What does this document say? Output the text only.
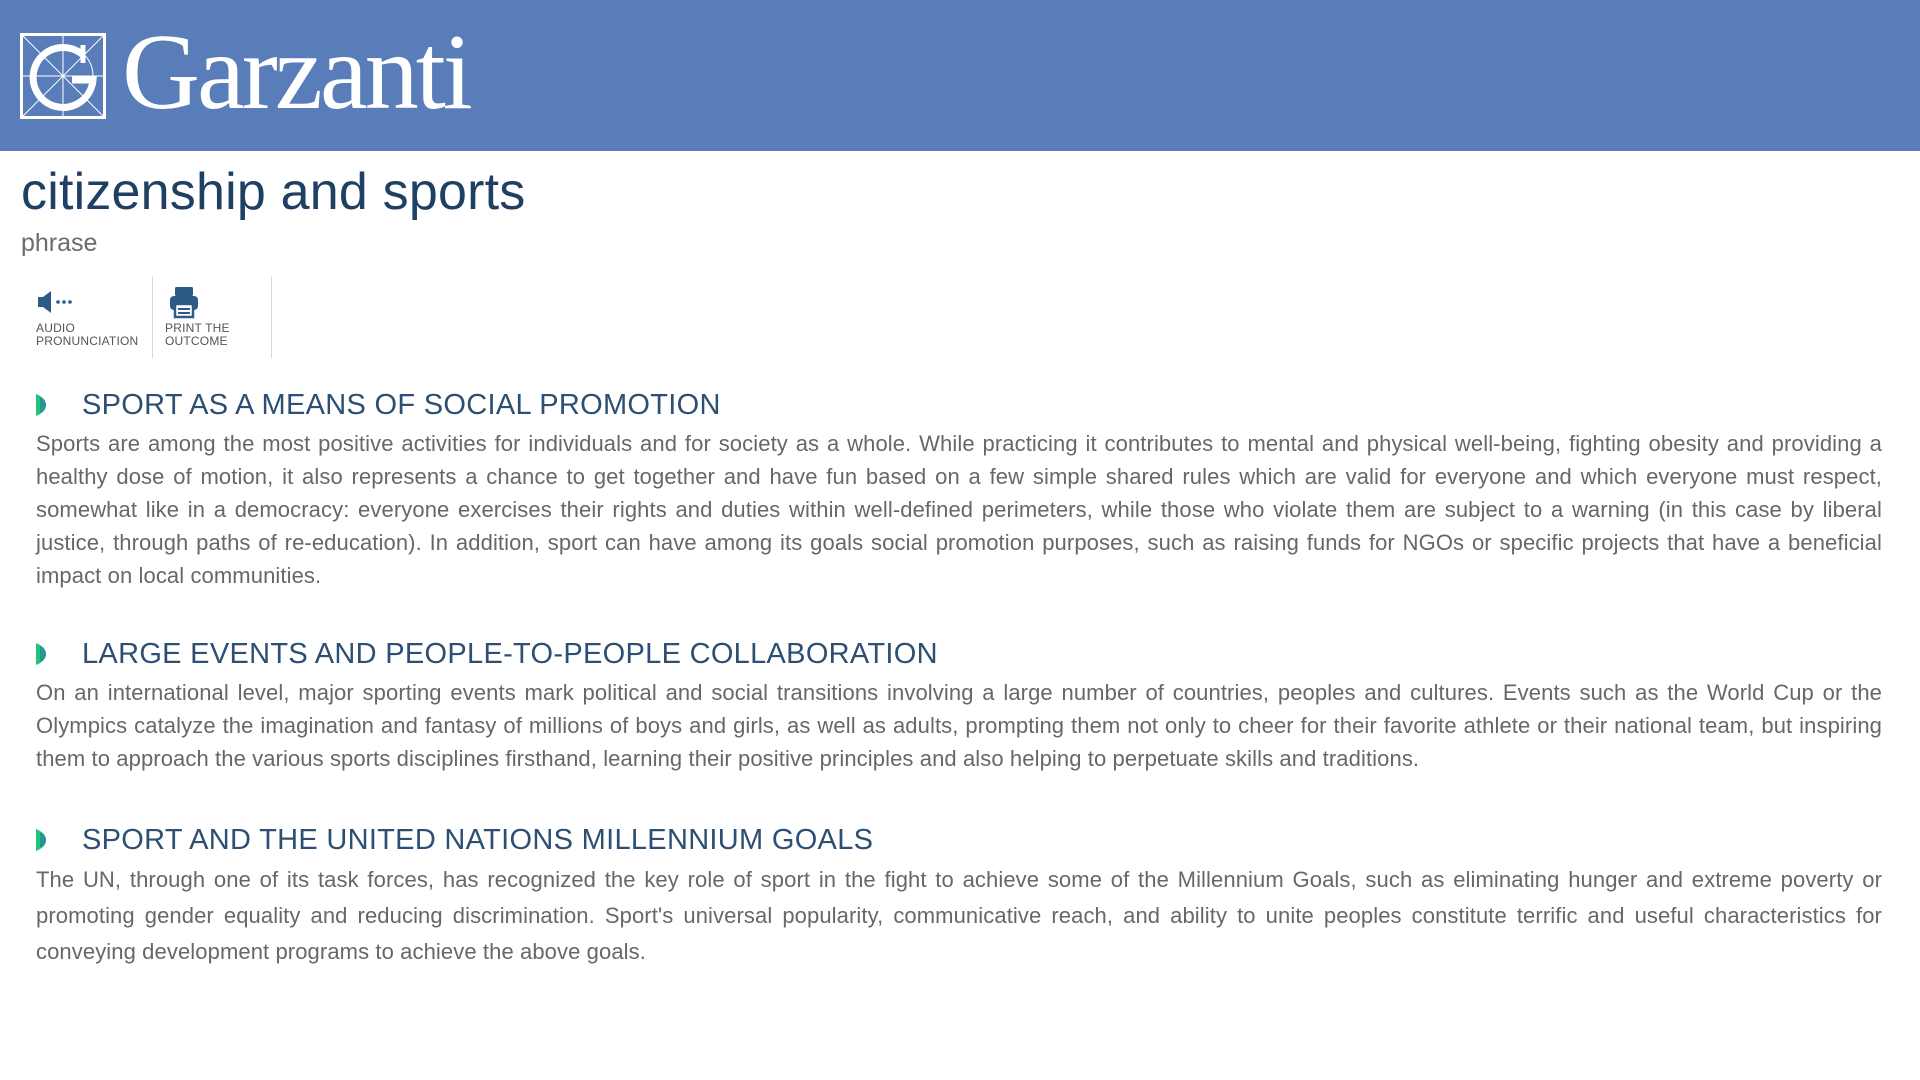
Garzanti
citizenship and sports

phrase

AUDIO
PRONUNCIATION
PRINT THE
OUTCOME
SPORT AS A MEANS OF SOCIAL PROMOTION

Sports are among the most positive activities for individuals and for society as a whole. While practicing it contributes to mental and physical well-being, fighting obesity and providing a healthy dose of motion, it also represents a chance to get together and have fun based on a few simple shared rules which are valid for everyone and which everyone must respect, somewhat like in a democracy: everyone exercises their rights and duties within well-defined perimeters, while those who violate them are subject to a warning (in this case by liberal justice, through paths of re-education). In addition, sport can have among its goals social promotion purposes, such as raising funds for NGOs or specific projects that have a beneficial impact on local communities.

LARGE EVENTS AND PEOPLE-TO-PEOPLE COLLABORATION

On an international level, major sporting events mark political and social transitions involving a large number of countries, peoples and cultures. Events such as the World Cup or the Olympics catalyze the imagination and fantasy of millions of boys and girls, as well as adults, prompting them not only to cheer for their favorite athlete or their national team, but inspiring them to approach the various sports disciplines firsthand, learning their positive principles and also helping to perpetuate skills and traditions.

SPORT AND THE UNITED NATIONS MILLENNIUM GOALS

The UN, through one of its task forces, has recognized the key role of sport in the fight to achieve some of the Millennium Goals, such as eliminating hunger and extreme poverty or promoting gender equality and reducing discrimination. Sport's universal popularity, communicative reach, and ability to unite peoples constitute terrific and useful characteristics for conveying development programs to achieve the above goals.
